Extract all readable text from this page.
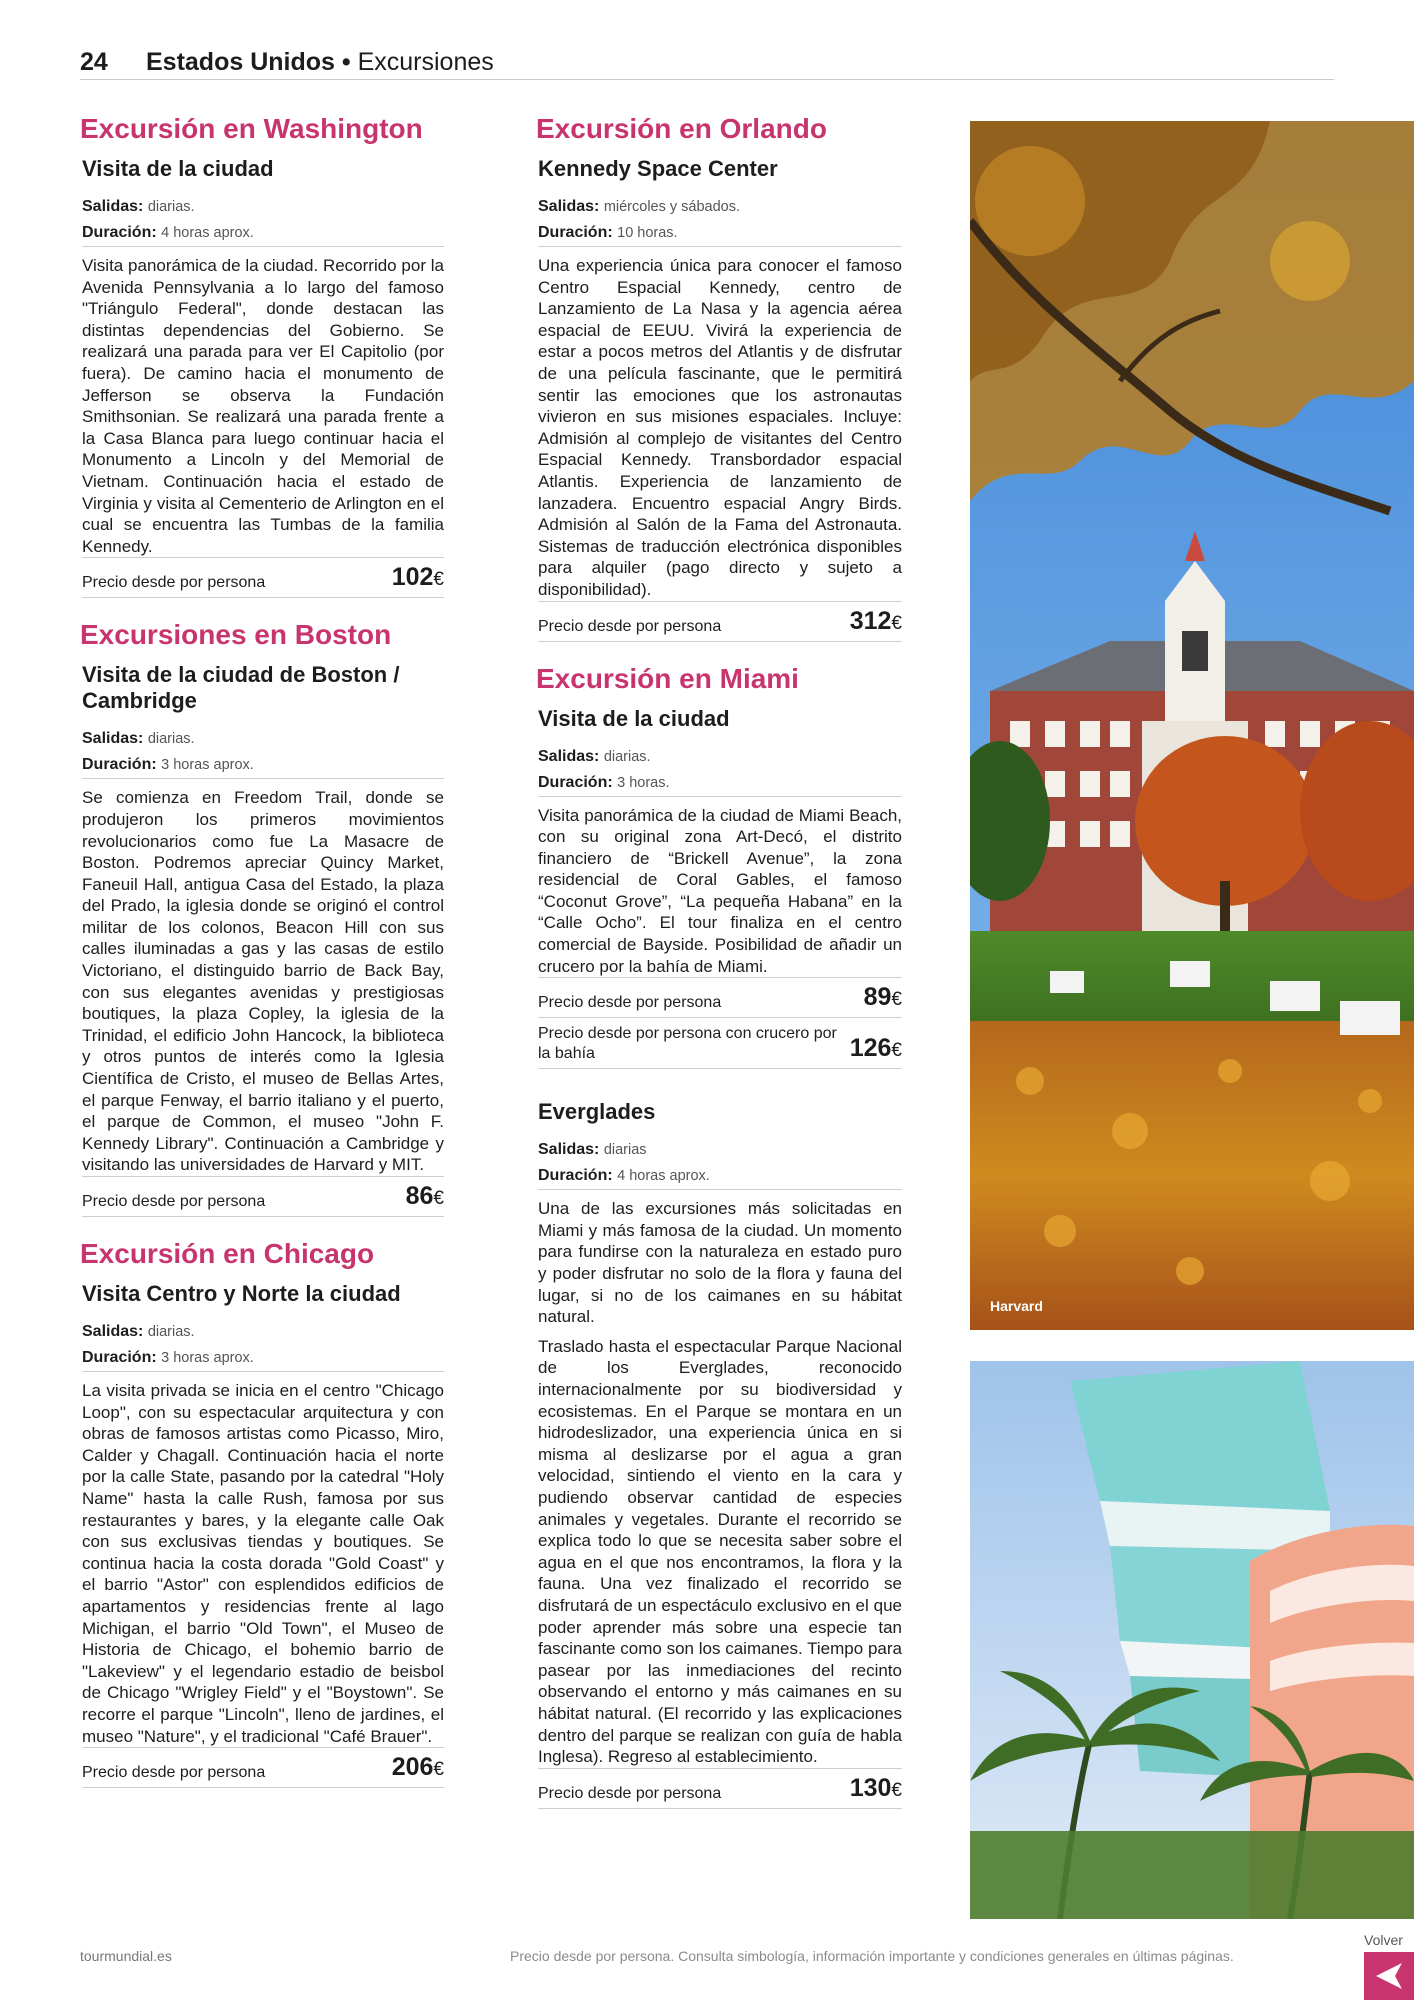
24 Estados Unidos • Excursiones
Excursión en Washington
Visita de la ciudad
Salidas: diarias.
Duración: 4 horas aprox.

Visita panorámica de la ciudad. Recorrido por la Avenida Pennsylvania a lo largo del famoso "Triángulo Federal", donde destacan las distintas dependencias del Gobierno. Se realizará una parada para ver El Capitolio (por fuera). De camino hacia el monumento de Jefferson se observa la Fundación Smithsonian. Se realizará una parada frente a la Casa Blanca para luego continuar hacia el Monumento a Lincoln y del Memorial de Vietnam. Continuación hacia el estado de Virginia y visita al Cementerio de Arlington en el cual se encuentra las Tumbas de la familia Kennedy.

Precio desde por persona	102€
Excursiones en Boston
Visita de la ciudad de Boston / Cambridge
Salidas: diarias.
Duración: 3 horas aprox.

Se comienza en Freedom Trail, donde se produjeron los primeros movimientos revolucionarios como fue La Masacre de Boston. Podremos apreciar Quincy Market, Faneuil Hall, antigua Casa del Estado, la plaza del Prado, la iglesia donde se originó el control militar de los colonos, Beacon Hill con sus calles iluminadas a gas y las casas de estilo Victoriano, el distinguido barrio de Back Bay, con sus elegantes avenidas y prestigiosas boutiques, la plaza Copley, la iglesia de la Trinidad, el edificio John Hancock, la biblioteca y otros puntos de interés como la Iglesia Científica de Cristo, el museo de Bellas Artes, el parque Fenway, el barrio italiano y el puerto, el parque de Common, el museo "John F. Kennedy Library". Continuación a Cambridge y visitando las universidades de Harvard y MIT.

Precio desde por persona	86€
Excursión en Chicago
Visita Centro y Norte la ciudad
Salidas: diarias.
Duración: 3 horas aprox.

La visita privada se inicia en el centro "Chicago Loop", con su espectacular arquitectura y con obras de famosos artistas como Picasso, Miro, Calder y Chagall. Continuación hacia el norte por la calle State, pasando por la catedral "Holy Name" hasta la calle Rush, famosa por sus restaurantes y bares, y la elegante calle Oak con sus exclusivas tiendas y boutiques. Se continua hacia la costa dorada "Gold Coast" y el barrio "Astor" con esplendidos edificios de apartamentos y residencias frente al lago Michigan, el barrio "Old Town", el Museo de Historia de Chicago, el bohemio barrio de "Lakeview" y el legendario estadio de beisbol de Chicago "Wrigley Field" y el "Boystown". Se recorre el parque "Lincoln", lleno de jardines, el museo "Nature", y el tradicional "Café Brauer".

Precio desde por persona	206€
Excursión en Orlando
Kennedy Space Center
Salidas: miércoles y sábados.
Duración: 10 horas.

Una experiencia única para conocer el famoso Centro Espacial Kennedy, centro de Lanzamiento de La Nasa y la agencia aérea espacial de EEUU. Vivirá la experiencia de estar a pocos metros del Atlantis y de disfrutar de una película fascinante, que le permitirá sentir las emociones que los astronautas vivieron en sus misiones espaciales. Incluye: Admisión al complejo de visitantes del Centro Espacial Kennedy. Transbordador espacial Atlantis. Experiencia de lanzamiento de lanzadera. Encuentro espacial Angry Birds. Admisión al Salón de la Fama del Astronauta. Sistemas de traducción electrónica disponibles para alquiler (pago directo y sujeto a disponibilidad).

Precio desde por persona	312€
Excursión en Miami
Visita de la ciudad
Salidas: diarias.
Duración: 3 horas.

Visita panorámica de la ciudad de Miami Beach, con su original zona Art-Decó, el distrito financiero de “Brickell Avenue”, la zona residencial de Coral Gables, el famoso “Coconut Grove”, “La pequeña Habana” en la “Calle Ocho”. El tour finaliza en el centro comercial de Bayside. Posibilidad de añadir un crucero por la bahía de Miami.

Precio desde por persona	89€
Precio desde por persona con crucero por la bahía	126€
Everglades
Salidas: diarias
Duración: 4 horas aprox.

Una de las excursiones más solicitadas en Miami y más famosa de la ciudad. Un momento para fundirse con la naturaleza en estado puro y poder disfrutar no solo de la flora y fauna del lugar, si no de los caimanes en su hábitat natural.

Traslado hasta el espectacular Parque Nacional de los Everglades, reconocido internacionalmente por su biodiversidad y ecosistemas. En el Parque se montara en un hidrodeslizador, una experiencia única en si misma al deslizarse por el agua a gran velocidad, sintiendo el viento en la cara y pudiendo observar cantidad de especies animales y vegetales. Durante el recorrido se explica todo lo que se necesita saber sobre el agua en el que nos encontramos, la flora y la fauna. Una vez finalizado el recorrido se disfrutará de un espectáculo exclusivo en el que poder aprender más sobre una especie tan fascinante como son los caimanes. Tiempo para pasear por las inmediaciones del recinto observando el entorno y más caimanes en su hábitat natural. (El recorrido y las explicaciones dentro del parque se realizan con guía de habla Inglesa). Regreso al establecimiento.

Precio desde por persona	130€
Harvard
tourmundial.es	Precio desde por persona. Consulta simbología, información importante y condiciones generales en últimas páginas.
Volver
